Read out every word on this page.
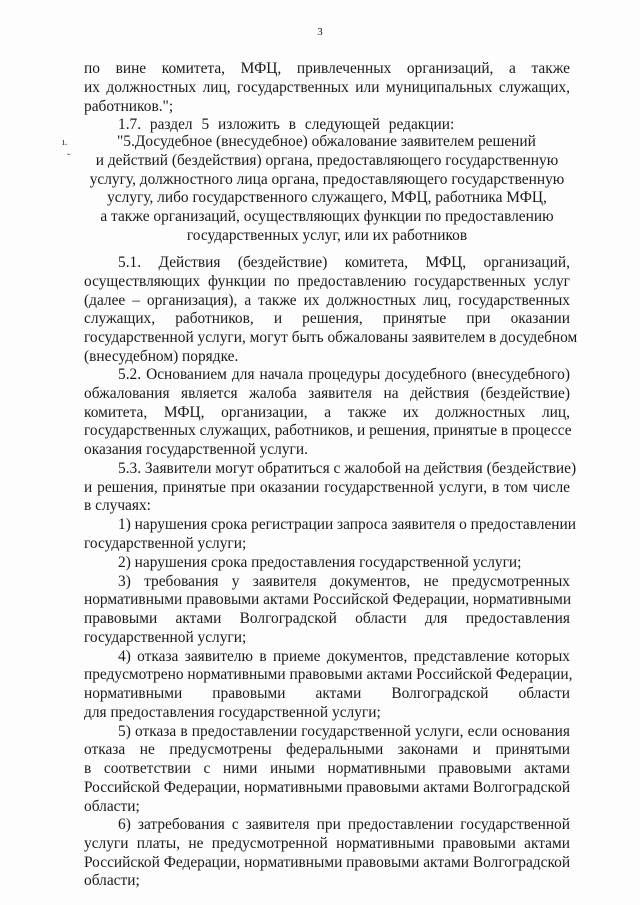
3
ı.
ˇ
по вине комитета, МФЦ, привлеченных организаций, а также
их должностных лиц, государственных или муниципальных служащих,
работников.";
1.7. раздел 5 изложить в следующей редакции:
"5.Досудебное (внесудебное) обжалование заявителем решений
и действий (бездействия) органа, предоставляющего государственную
услугу, должностного лица органа, предоставляющего государственную
услугу, либо государственного служащего, МФЦ, работника МФЦ,
а также организаций, осуществляющих функции по предоставлению
государственных услуг, или их работников
5.1. Действия (бездействие) комитета, МФЦ, организаций,
осуществляющих функции по предоставлению государственных услуг
(далее – организация), а также их должностных лиц, государственных
служащих, работников, и решения, принятые при оказании
государственной услуги, могут быть обжалованы заявителем в досудебном
(внесудебном) порядке.
5.2. Основанием для начала процедуры досудебного (внесудебного)
обжалования является жалоба заявителя на действия (бездействие)
комитета, МФЦ, организации, а также их должностных лиц,
государственных служащих, работников, и решения, принятые в процессе
оказания государственной услуги.
5.3. Заявители могут обратиться с жалобой на действия (бездействие)
и решения, принятые при оказании государственной услуги, в том числе
в случаях:
1) нарушения срока регистрации запроса заявителя о предоставлении
государственной услуги;
2) нарушения срока предоставления государственной услуги;
3) требования у заявителя документов, не предусмотренных
нормативными правовыми актами Российской Федерации, нормативными
правовыми актами Волгоградской области для предоставления
государственной услуги;
4) отказа заявителю в приеме документов, представление которых
предусмотрено нормативными правовыми актами Российской Федерации,
нормативными правовыми актами Волгоградской области
для предоставления государственной услуги;
5) отказа в предоставлении государственной услуги, если основания
отказа не предусмотрены федеральными законами и принятыми
в соответствии с ними иными нормативными правовыми актами
Российской Федерации, нормативными правовыми актами Волгоградской
области;
6) затребования с заявителя при предоставлении государственной
услуги платы, не предусмотренной нормативными правовыми актами
Российской Федерации, нормативными правовыми актами Волгоградской
области;
